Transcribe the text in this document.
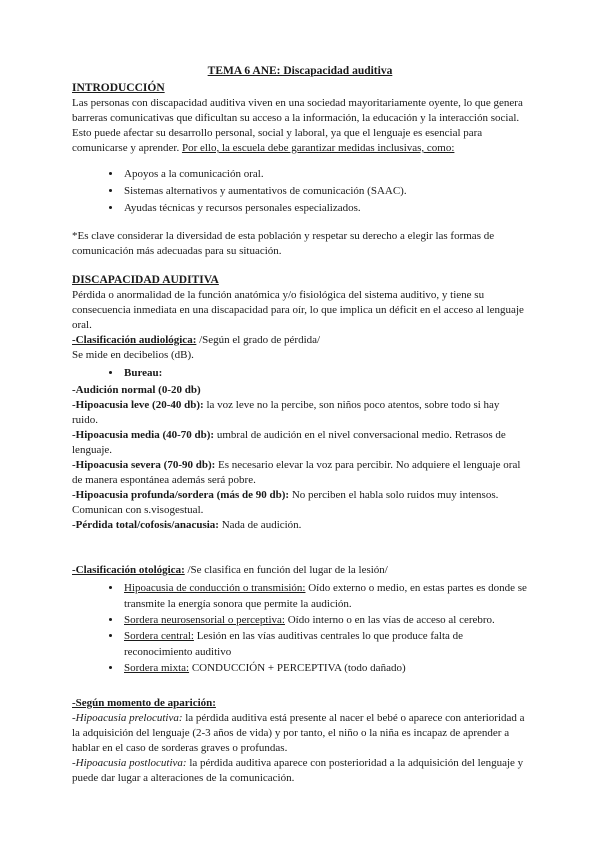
TEMA 6 ANE: Discapacidad auditiva

INTRODUCCIÓN

Las personas con discapacidad auditiva viven en una sociedad mayoritariamente oyente, lo que genera barreras comunicativas que dificultan su acceso a la información, la educación y la interacción social. Esto puede afectar su desarrollo personal, social y laboral, ya que el lenguaje es esencial para comunicarse y aprender. Por ello, la escuela debe garantizar medidas inclusivas, como:

• Apoyos a la comunicación oral.
• Sistemas alternativos y aumentativos de comunicación (SAAC).
• Ayudas técnicas y recursos personales especializados.

*Es clave considerar la diversidad de esta población y respetar su derecho a elegir las formas de comunicación más adecuadas para su situación.

DISCAPACIDAD AUDITIVA

Pérdida o anormalidad de la función anatómica y/o fisiológica del sistema auditivo, y tiene su consecuencia inmediata en una discapacidad para oír, lo que implica un déficit en el acceso al lenguaje oral.

-Clasificación audiológica: /Según el grado de pérdida/

Se mide en decibelios (dB).

• Bureau:

-Audición normal (0-20 db)

-Hipoacusia leve (20-40 db): la voz leve no la percibe, son niños poco atentos, sobre todo si hay ruido.

-Hipoacusia media (40-70 db): umbral de audición en el nivel conversacional medio. Retrasos de lenguaje.

-Hipoacusia severa (70-90 db): Es necesario elevar la voz para percibir. No adquiere el lenguaje oral de manera espontánea además será pobre.

-Hipoacusia profunda/sordera (más de 90 db): No perciben el habla solo ruidos muy intensos. Comunican con s.visogestual.

-Pérdida total/cofosis/anacusia: Nada de audición.

-Clasificación otológica: /Se clasifica en función del lugar de la lesión/

• Hipoacusia de conducción o transmisión: Oído externo o medio, en estas partes es donde se transmite la energía sonora que permite la audición.
• Sordera neurosensorial o perceptiva: Oído interno o en las vías de acceso al cerebro.
• Sordera central: Lesión en las vías auditivas centrales lo que produce falta de reconocimiento auditivo
• Sordera mixta: CONDUCCIÓN + PERCEPTIVA (todo dañado)

-Según momento de aparición:

-Hipoacusia prelocutiva: la pérdida auditiva está presente al nacer el bebé o aparece con anterioridad a la adquisición del lenguaje (2-3 años de vida) y por tanto, el niño o la niña es incapaz de aprender a hablar en el caso de sorderas graves o profundas.

-Hipoacusia postlocutiva: la pérdida auditiva aparece con posterioridad a la adquisición del lenguaje y puede dar lugar a alteraciones de la comunicación.
